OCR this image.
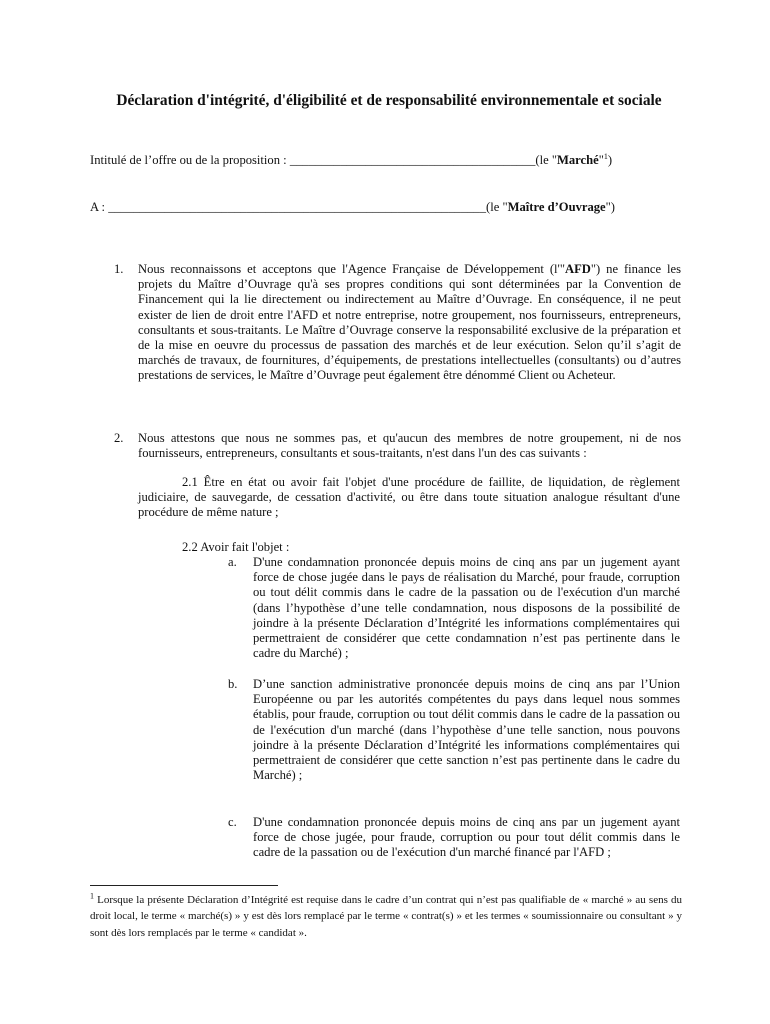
Déclaration d'intégrité, d'éligibilité et de responsabilité environnementale et sociale
Intitulé de l’offre ou de la proposition : _______________________________________(le "Marché"$^1$)
A : ____________________________________________________________(le "Maître d’Ouvrage")
1. Nous reconnaissons et acceptons que l'Agence Française de Développement (l'"AFD") ne finance les projets du Maître d’Ouvrage qu'à ses propres conditions qui sont déterminées par la Convention de Financement qui la lie directement ou indirectement au Maître d’Ouvrage. En conséquence, il ne peut exister de lien de droit entre l'AFD et notre entreprise, notre groupement, nos fournisseurs, entrepreneurs, consultants et sous-traitants. Le Maître d’Ouvrage conserve la responsabilité exclusive de la préparation et de la mise en oeuvre du processus de passation des marchés et de leur exécution. Selon qu’il s’agit de marchés de travaux, de fournitures, d’équipements, de prestations intellectuelles (consultants) ou d’autres prestations de services, le Maître d’Ouvrage peut également être dénommé Client ou Acheteur.
2. Nous attestons que nous ne sommes pas, et qu'aucun des membres de notre groupement, ni de nos fournisseurs, entrepreneurs, consultants et sous-traitants, n'est dans l'un des cas suivants :
2.1 Être en état ou avoir fait l'objet d'une procédure de faillite, de liquidation, de règlement judiciaire, de sauvegarde, de cessation d'activité, ou être dans toute situation analogue résultant d'une procédure de même nature ;
2.2 Avoir fait l'objet :
a. D'une condamnation prononcée depuis moins de cinq ans par un jugement ayant force de chose jugée dans le pays de réalisation du Marché, pour fraude, corruption ou tout délit commis dans le cadre de la passation ou de l'exécution d'un marché (dans l’hypothèse d’une telle condamnation, nous disposons de la possibilité de joindre à la présente Déclaration d’Intégrité les informations complémentaires qui permettraient de considérer que cette condamnation n’est pas pertinente dans le cadre du Marché) ;
b. D’une sanction administrative prononcée depuis moins de cinq ans par l’Union Européenne ou par les autorités compétentes du pays dans lequel nous sommes établis, pour fraude, corruption ou tout délit commis dans le cadre de la passation ou de l'exécution d'un marché (dans l’hypothèse d’une telle sanction, nous pouvons joindre à la présente Déclaration d’Intégrité les informations complémentaires qui permettraient de considérer que cette sanction n’est pas pertinente dans le cadre du Marché) ;
c. D'une condamnation prononcée depuis moins de cinq ans par un jugement ayant force de chose jugée, pour fraude, corruption ou pour tout délit commis dans le cadre de la passation ou de l'exécution d'un marché financé par l'AFD ;
$^1$ Lorsque la présente Déclaration d’Intégrité est requise dans le cadre d’un contrat qui n’est pas qualifiable de « marché » au sens du droit local, le terme « marché(s) » y est dès lors remplacé par le terme « contrat(s) » et les termes « soumissionnaire ou consultant » y sont dès lors remplacés par le terme « candidat ».
